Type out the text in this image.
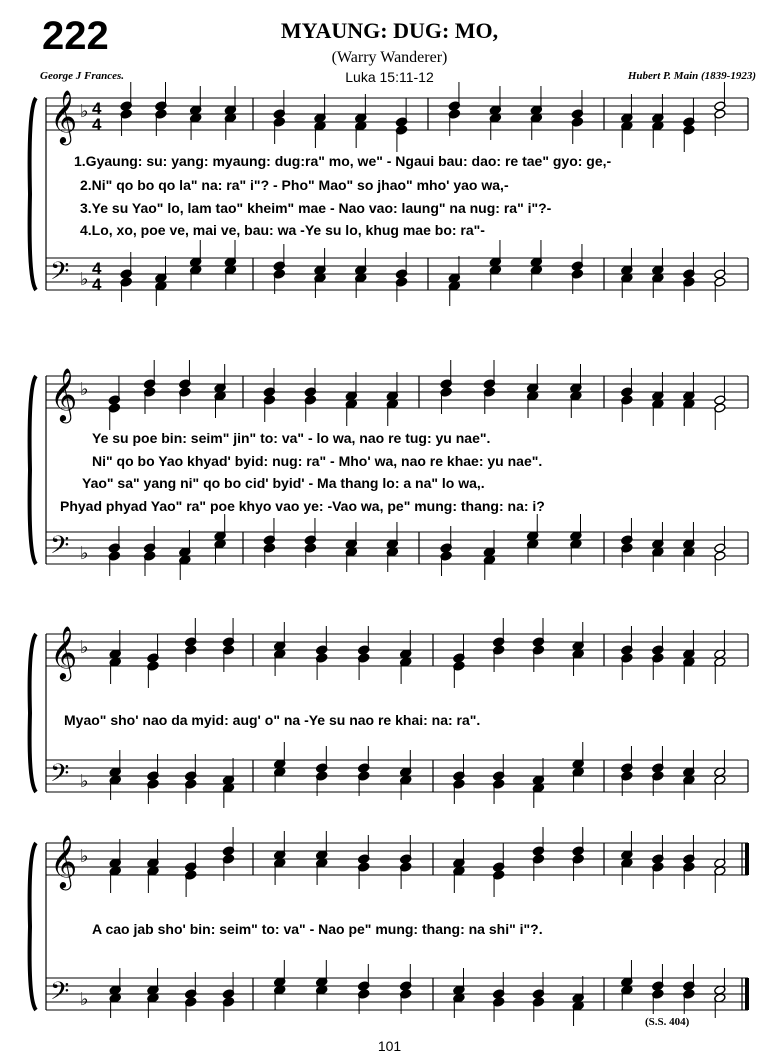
222	MYAUNG: DUG: MO,
(Warry Wanderer)
Luka 15:11-12
George J Frances.	Hubert P. Main (1839-1923)
𝄞 ♭ 4
4
𝄢 ♭
4
4
𝄞 ♭
𝄢 ♭
𝄞 ♭
𝄢 ♭
𝄞 ♭
𝄢 ♭
1.Gyaung: su: yang: myaung: dug:ra" mo, we" - Ngaui bau: dao: re tae" gyo: ge,-
2.Ni" qo bo qo la" na: ra" i"? - Pho" Mao" so jhao" mho' yao wa,-
3.Ye su Yao" lo, lam tao" kheim" mae - Nao vao: laung" na nug: ra" i"?-
4.Lo, xo, poe ve, mai ve, bau: wa -Ye su lo, khug mae bo: ra"-
Ye su poe bin: seim" jin" to: va" - lo wa, nao re tug: yu nae".
Ni" qo bo Yao khyad' byid: nug: ra" - Mho' wa, nao re khae: yu nae".
Yao" sa" yang ni" qo bo cid' byid' - Ma thang lo: a na" lo wa,.
Phyad phyad Yao" ra" poe khyo vao ye: -Vao wa, pe" mung: thang: na: i?
Myao" sho' nao da myid: aug' o" na -Ye su nao re khai: na: ra".
A cao jab sho' bin: seim" to: va" - Nao pe" mung: thang: na shi" i"?.
(S.S. 404)
101
